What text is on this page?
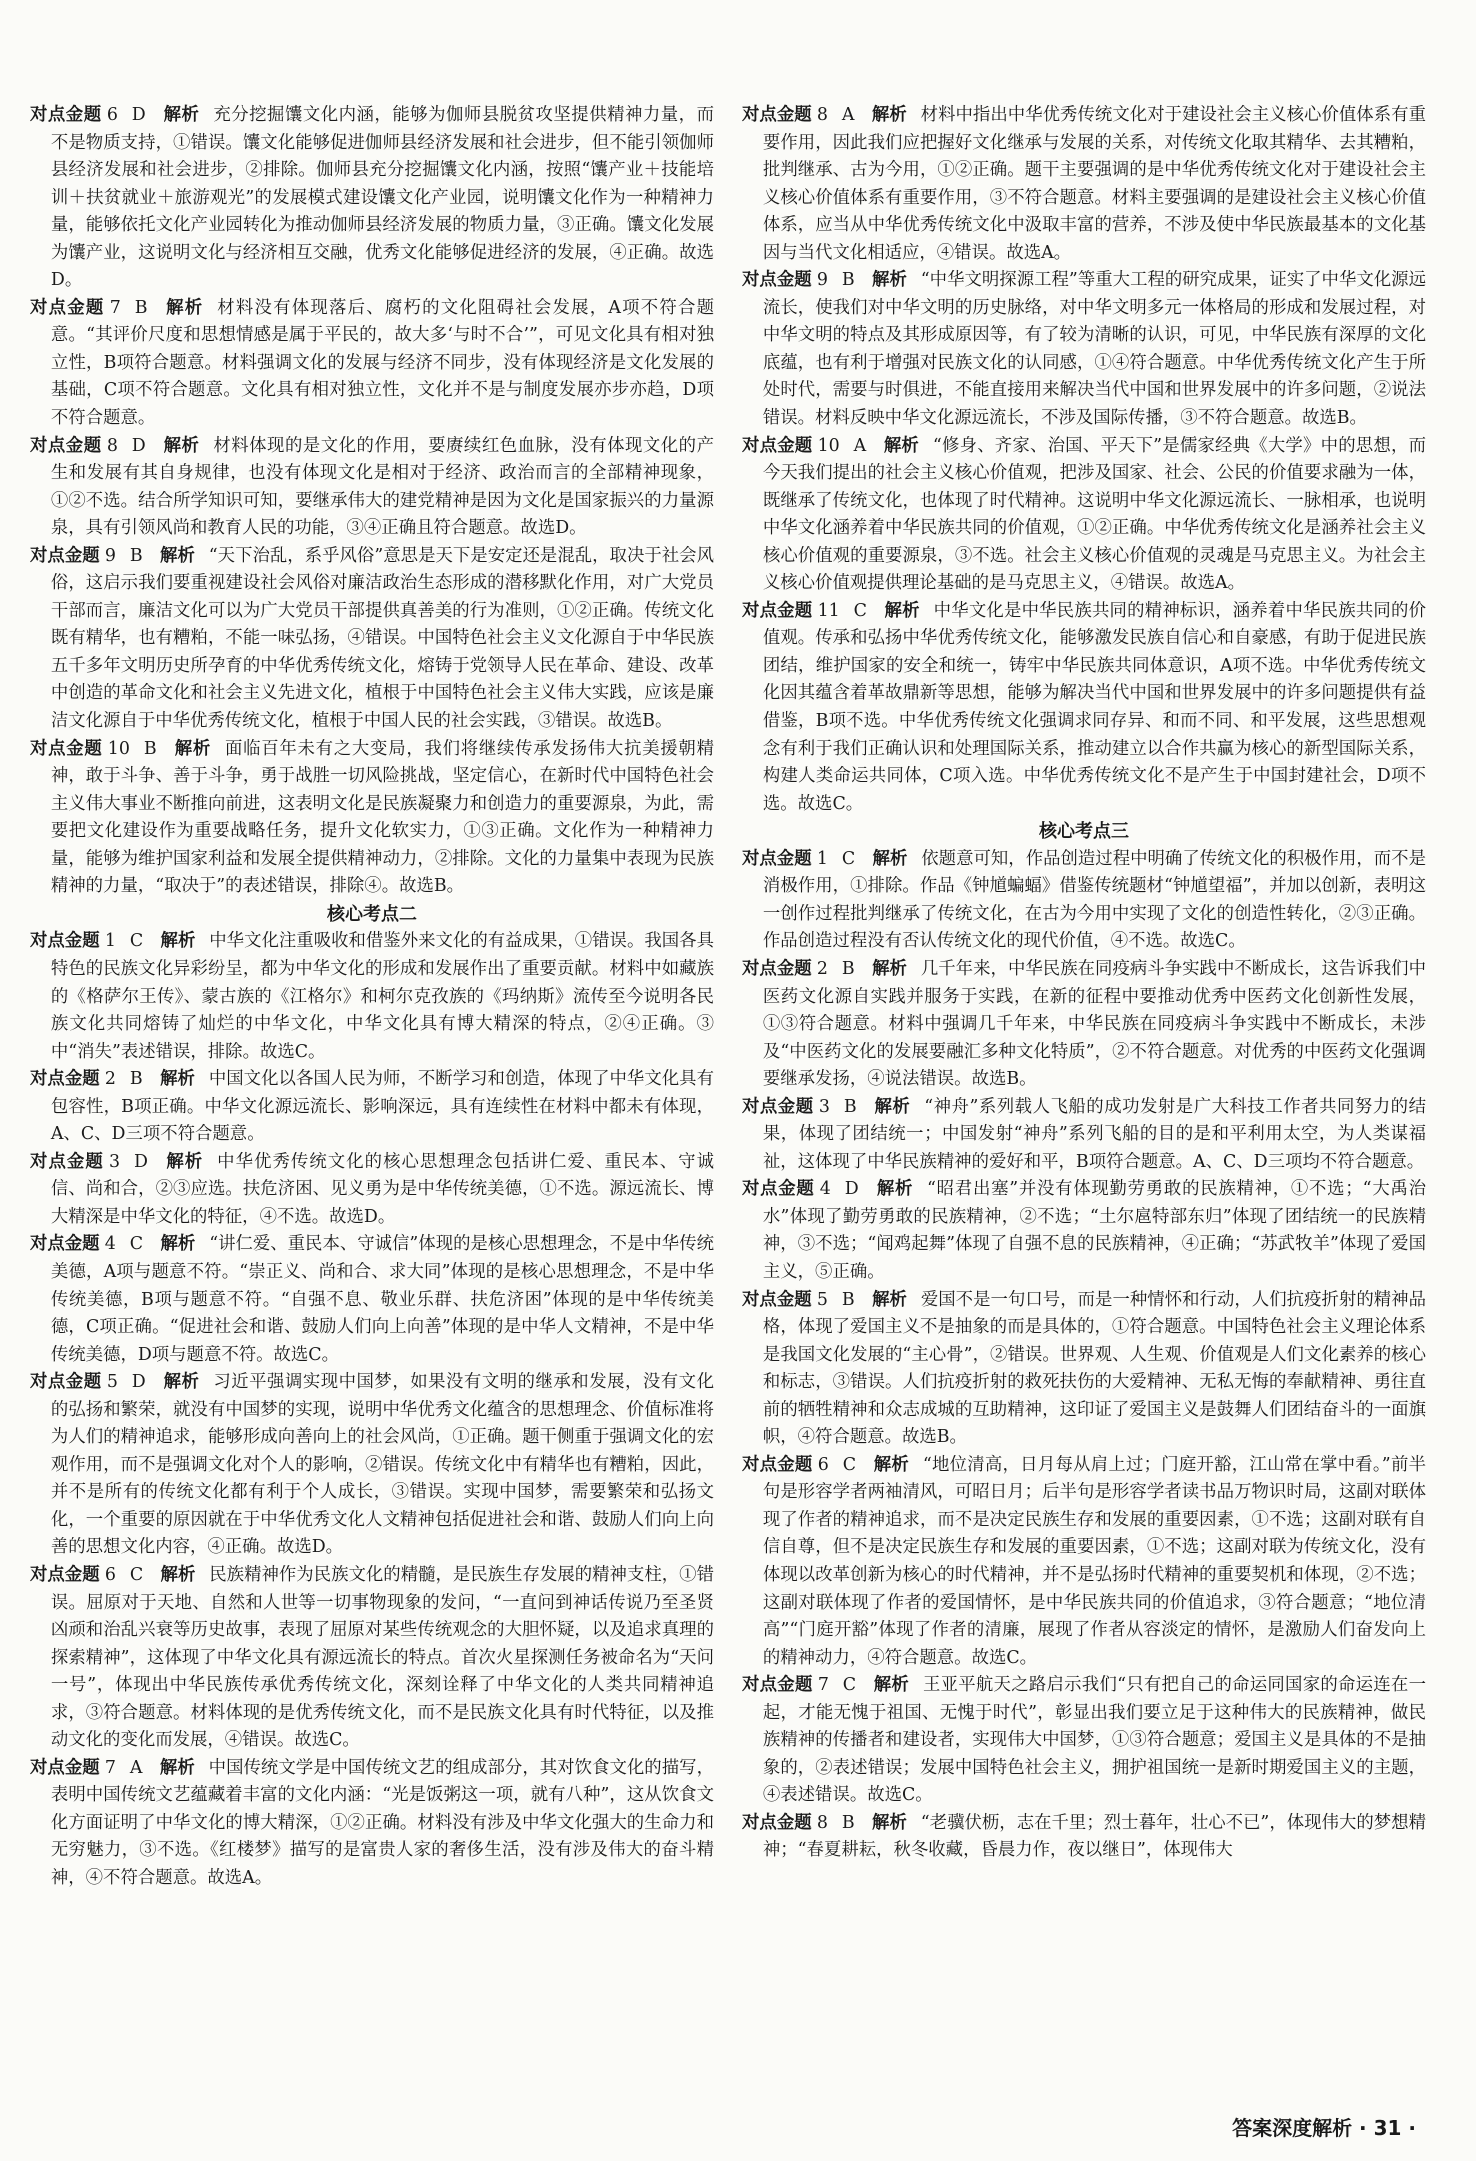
对点金题 6 D 解析 充分挖掘馕文化内涵，能够为伽师县脱贫攻坚提供精神力量，而不是物质支持，①错误。馕文化能够促进伽师县经济发展和社会进步，但不能引领伽师县经济发展和社会进步，②排除。伽师县充分挖掘馕文化内涵，按照“馕产业＋技能培训＋扶贫就业＋旅游观光”的发展模式建设馕文化产业园，说明馕文化作为一种精神力量，能够依托文化产业园转化为推动伽师县经济发展的物质力量，③正确。馕文化发展为馕产业，这说明文化与经济相互交融，优秀文化能够促进经济的发展，④正确。故选D。

对点金题 7 B 解析 材料没有体现落后、腐朽的文化阻碍社会发展，A项不符合题意。“其评价尺度和思想情感是属于平民的，故大多‘与时不合’”，可见文化具有相对独立性，B项符合题意。材料强调文化的发展与经济不同步，没有体现经济是文化发展的基础，C项不符合题意。文化具有相对独立性，文化并不是与制度发展亦步亦趋，D项不符合题意。

对点金题 8 D 解析 材料体现的是文化的作用，要赓续红色血脉，没有体现文化的产生和发展有其自身规律，也没有体现文化是相对于经济、政治而言的全部精神现象，①②不选。结合所学知识可知，要继承伟大的建党精神是因为文化是国家振兴的力量源泉，具有引领风尚和教育人民的功能，③④正确且符合题意。故选D。

对点金题 9 B 解析 “天下治乱，系乎风俗”意思是天下是安定还是混乱，取决于社会风俗，这启示我们要重视建设社会风俗对廉洁政治生态形成的潜移默化作用，对广大党员干部而言，廉洁文化可以为广大党员干部提供真善美的行为准则，①②正确。传统文化既有精华，也有糟粕，不能一味弘扬，④错误。中国特色社会主义文化源自于中华民族五千多年文明历史所孕育的中华优秀传统文化，熔铸于党领导人民在革命、建设、改革中创造的革命文化和社会主义先进文化，植根于中国特色社会主义伟大实践，应该是廉洁文化源自于中华优秀传统文化，植根于中国人民的社会实践，③错误。故选B。

对点金题 10 B 解析 面临百年未有之大变局，我们将继续传承发扬伟大抗美援朝精神，敢于斗争、善于斗争，勇于战胜一切风险挑战，坚定信心，在新时代中国特色社会主义伟大事业不断推向前进，这表明文化是民族凝聚力和创造力的重要源泉，为此，需要把文化建设作为重要战略任务，提升文化软实力，①③正确。文化作为一种精神力量，能够为维护国家利益和发展全提供精神动力，②排除。文化的力量集中表现为民族精神的力量，“取决于”的表述错误，排除④。故选B。

核心考点二

对点金题 1 C 解析 中华文化注重吸收和借鉴外来文化的有益成果，①错误。我国各具特色的民族文化异彩纷呈，都为中华文化的形成和发展作出了重要贡献。材料中如藏族的《格萨尔王传》、蒙古族的《江格尔》和柯尔克孜族的《玛纳斯》流传至今说明各民族文化共同熔铸了灿烂的中华文化，中华文化具有博大精深的特点，②④正确。③中“消失”表述错误，排除。故选C。

对点金题 2 B 解析 中国文化以各国人民为师，不断学习和创造，体现了中华文化具有包容性，B项正确。中华文化源远流长、影响深远，具有连续性在材料中都未有体现，A、C、D三项不符合题意。

对点金题 3 D 解析 中华优秀传统文化的核心思想理念包括讲仁爱、重民本、守诚信、尚和合，②③应选。扶危济困、见义勇为是中华传统美德，①不选。源远流长、博大精深是中华文化的特征，④不选。故选D。

对点金题 4 C 解析 “讲仁爱、重民本、守诚信”体现的是核心思想理念，不是中华传统美德，A项与题意不符。“崇正义、尚和合、求大同”体现的是核心思想理念，不是中华传统美德，B项与题意不符。“自强不息、敬业乐群、扶危济困”体现的是中华传统美德，C项正确。“促进社会和谐、鼓励人们向上向善”体现的是中华人文精神，不是中华传统美德，D项与题意不符。故选C。

对点金题 5 D 解析 习近平强调实现中国梦，如果没有文明的继承和发展，没有文化的弘扬和繁荣，就没有中国梦的实现，说明中华优秀文化蕴含的思想理念、价值标准将为人们的精神追求，能够形成向善向上的社会风尚，①正确。题干侧重于强调文化的宏观作用，而不是强调文化对个人的影响，②错误。传统文化中有精华也有糟粕，因此，并不是所有的传统文化都有利于个人成长，③错误。实现中国梦，需要繁荣和弘扬文化，一个重要的原因就在于中华优秀文化人文精神包括促进社会和谐、鼓励人们向上向善的思想文化内容，④正确。故选D。

对点金题 6 C 解析 民族精神作为民族文化的精髓，是民族生存发展的精神支柱，①错误。屈原对于天地、自然和人世等一切事物现象的发问，“一直问到神话传说乃至圣贤凶顽和治乱兴衰等历史故事，表现了屈原对某些传统观念的大胆怀疑，以及追求真理的探索精神”，这体现了中华文化具有源远流长的特点。首次火星探测任务被命名为“天问一号”，体现出中华民族传承优秀传统文化，深刻诠释了中华文化的人类共同精神追求，③符合题意。材料体现的是优秀传统文化，而不是民族文化具有时代特征，以及推动文化的变化而发展，④错误。故选C。

对点金题 7 A 解析 中国传统文学是中国传统文艺的组成部分，其对饮食文化的描写，表明中国传统文艺蕴藏着丰富的文化内涵：“光是饭粥这一项，就有八种”，这从饮食文化方面证明了中华文化的博大精深，①②正确。材料没有涉及中华文化强大的生命力和无穷魅力，③不选。《红楼梦》描写的是富贵人家的奢侈生活，没有涉及伟大的奋斗精神，④不符合题意。故选A。

对点金题 8 A 解析 材料中指出中华优秀传统文化对于建设社会主义核心价值体系有重要作用，因此我们应把握好文化继承与发展的关系，对传统文化取其精华、去其糟粕，批判继承、古为今用，①②正确。题干主要强调的是中华优秀传统文化对于建设社会主义核心价值体系有重要作用，③不符合题意。材料主要强调的是建设社会主义核心价值体系，应当从中华优秀传统文化中汲取丰富的营养，不涉及使中华民族最基本的文化基因与当代文化相适应，④错误。故选A。

对点金题 9 B 解析 “中华文明探源工程”等重大工程的研究成果，证实了中华文化源远流长，使我们对中华文明的历史脉络，对中华文明多元一体格局的形成和发展过程，对中华文明的特点及其形成原因等，有了较为清晰的认识，可见，中华民族有深厚的文化底蕴，也有利于增强对民族文化的认同感，①④符合题意。中华优秀传统文化产生于所处时代，需要与时俱进，不能直接用来解决当代中国和世界发展中的许多问题，②说法错误。材料反映中华文化源远流长，不涉及国际传播，③不符合题意。故选B。

对点金题 10 A 解析 “修身、齐家、治国、平天下”是儒家经典《大学》中的思想，而今天我们提出的社会主义核心价值观，把涉及国家、社会、公民的价值要求融为一体，既继承了传统文化，也体现了时代精神。这说明中华文化源远流长、一脉相承，也说明中华文化涵养着中华民族共同的价值观，①②正确。中华优秀传统文化是涵养社会主义核心价值观的重要源泉，③不选。社会主义核心价值观的灵魂是马克思主义。为社会主义核心价值观提供理论基础的是马克思主义，④错误。故选A。

对点金题 11 C 解析 中华文化是中华民族共同的精神标识，涵养着中华民族共同的价值观。传承和弘扬中华优秀传统文化，能够激发民族自信心和自豪感，有助于促进民族团结，维护国家的安全和统一，铸牢中华民族共同体意识，A项不选。中华优秀传统文化因其蕴含着革故鼎新等思想，能够为解决当代中国和世界发展中的许多问题提供有益借鉴，B项不选。中华优秀传统文化强调求同存异、和而不同、和平发展，这些思想观念有利于我们正确认识和处理国际关系，推动建立以合作共赢为核心的新型国际关系，构建人类命运共同体，C项入选。中华优秀传统文化不是产生于中国封建社会，D项不选。故选C。

核心考点三

对点金题 1 C 解析 依题意可知，作品创造过程中明确了传统文化的积极作用，而不是消极作用，①排除。作品《钟馗蝙蝠》借鉴传统题材“钟馗望福”，并加以创新，表明这一创作过程批判继承了传统文化，在古为今用中实现了文化的创造性转化，②③正确。作品创造过程没有否认传统文化的现代价值，④不选。故选C。

对点金题 2 B 解析 几千年来，中华民族在同疫病斗争实践中不断成长，这告诉我们中医药文化源自实践并服务于实践，在新的征程中要推动优秀中医药文化创新性发展，①③符合题意。材料中强调几千年来，中华民族在同疫病斗争实践中不断成长，未涉及“中医药文化的发展要融汇多种文化特质”，②不符合题意。对优秀的中医药文化强调要继承发扬，④说法错误。故选B。

对点金题 3 B 解析 “神舟”系列载人飞船的成功发射是广大科技工作者共同努力的结果，体现了团结统一；中国发射“神舟”系列飞船的目的是和平利用太空，为人类谋福祉，这体现了中华民族精神的爱好和平，B项符合题意。A、C、D三项均不符合题意。

对点金题 4 D 解析 “昭君出塞”并没有体现勤劳勇敢的民族精神，①不选；“大禹治水”体现了勤劳勇敢的民族精神，②不选；“土尔扈特部东归”体现了团结统一的民族精神，③不选；“闻鸡起舞”体现了自强不息的民族精神，④正确；“苏武牧羊”体现了爱国主义，⑤正确。

对点金题 5 B 解析 爱国不是一句口号，而是一种情怀和行动，人们抗疫折射的精神品格，体现了爱国主义不是抽象的而是具体的，①符合题意。中国特色社会主义理论体系是我国文化发展的“主心骨”，②错误。世界观、人生观、价值观是人们文化素养的核心和标志，③错误。人们抗疫折射的救死扶伤的大爱精神、无私无悔的奉献精神、勇往直前的牺牲精神和众志成城的互助精神，这印证了爱国主义是鼓舞人们团结奋斗的一面旗帜，④符合题意。故选B。

对点金题 6 C 解析 “地位清高，日月每从肩上过；门庭开豁，江山常在掌中看。”前半句是形容学者两袖清风，可昭日月；后半句是形容学者读书品万物识时局，这副对联体现了作者的精神追求，而不是决定民族生存和发展的重要因素，①不选；这副对联有自信自尊，但不是决定民族生存和发展的重要因素，①不选；这副对联为传统文化，没有体现以改革创新为核心的时代精神，并不是弘扬时代精神的重要契机和体现，②不选；这副对联体现了作者的爱国情怀，是中华民族共同的价值追求，③符合题意；“地位清高”“门庭开豁”体现了作者的清廉，展现了作者从容淡定的情怀，是激励人们奋发向上的精神动力，④符合题意。故选C。

对点金题 7 C 解析 王亚平航天之路启示我们“只有把自己的命运同国家的命运连在一起，才能无愧于祖国、无愧于时代”，彰显出我们要立足于这种伟大的民族精神，做民族精神的传播者和建设者，实现伟大中国梦，①③符合题意；爱国主义是具体的不是抽象的，②表述错误；发展中国特色社会主义，拥护祖国统一是新时期爱国主义的主题，④表述错误。故选C。

对点金题 8 B 解析 “老骥伏枥，志在千里；烈士暮年，壮心不已”，体现伟大的梦想精神；“春夏耕耘，秋冬收藏，昏晨力作，夜以继日”，体现伟大

答案深度解析 · 31 ·
